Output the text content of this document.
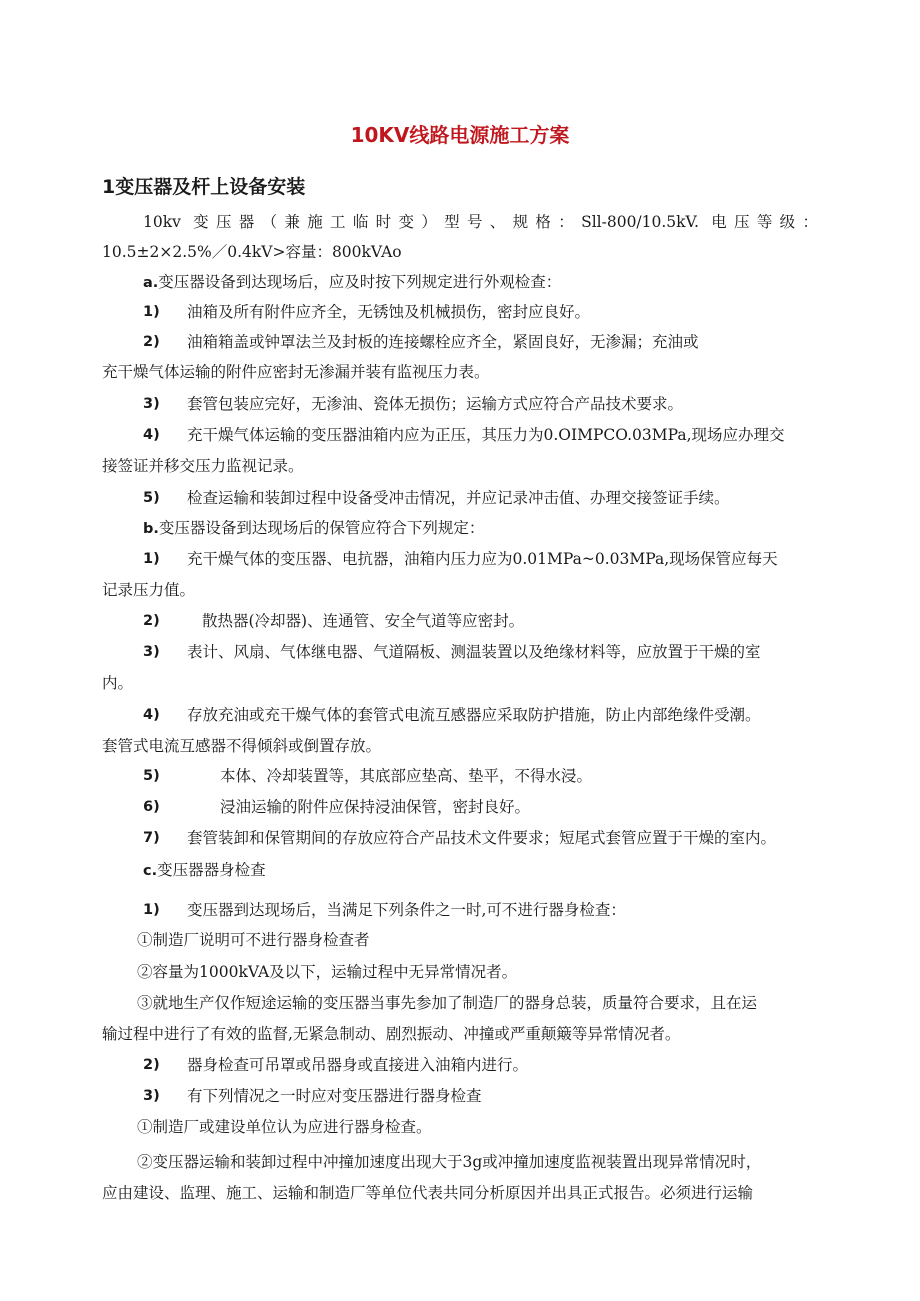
10KV线路电源施工方案
1变压器及杆上设备安装
10kv 变压器（兼施工临时变）型号、规格：Sll-800/10.5kV. 电压等级：
10.5±2×2.5%／0.4kV>容量：800kVAo
a.变压器设备到达现场后，应及时按下列规定进行外观检查：
1) 油箱及所有附件应齐全，无锈蚀及机械损伤，密封应良好。
2) 油箱箱盖或钟罩法兰及封板的连接螺栓应齐全，紧固良好，无渗漏；充油或
充干燥气体运输的附件应密封无渗漏并装有监视压力表。
3) 套管包装应完好，无渗油、瓷体无损伤；运输方式应符合产品技术要求。
4) 充干燥气体运输的变压器油箱内应为正压，其压力为0.OIMPCO.03MPa,现场应办理交
接签证并移交压力监视记录。
5) 检查运输和装卸过程中设备受冲击情况，并应记录冲击值、办理交接签证手续。
b.变压器设备到达现场后的保管应符合下列规定：
1) 充干燥气体的变压器、电抗器，油箱内压力应为0.01MPa~0.03MPa,现场保管应每天
记录压力值。
2)	散热器(冷却器)、连通管、安全气道等应密封。
3) 表计、风扇、气体继电器、气道隔板、测温装置以及绝缘材料等，应放置于干燥的室
内。
4) 存放充油或充干燥气体的套管式电流互感器应采取防护措施，防止内部绝缘件受潮。
套管式电流互感器不得倾斜或倒置存放。
5)	本体、冷却装置等，其底部应垫高、垫平，不得水浸。
6)	浸油运输的附件应保持浸油保管，密封良好。
7) 套管装卸和保管期间的存放应符合产品技术文件要求；短尾式套管应置于干燥的室内。
c.变压器器身检查
1) 变压器到达现场后，当满足下列条件之一时,可不进行器身检查：
①制造厂说明可不进行器身检查者
②容量为1000kVA及以下，运输过程中无异常情况者。
③就地生产仅作短途运输的变压器当事先参加了制造厂的器身总装，质量符合要求，且在运
输过程中进行了有效的监督,无紧急制动、剧烈振动、冲撞或严重颠簸等异常情况者。
2) 器身检查可吊罩或吊器身或直接进入油箱内进行。
3) 有下列情况之一时应对变压器进行器身检查
①制造厂或建设单位认为应进行器身检查。
②变压器运输和装卸过程中冲撞加速度出现大于3g或冲撞加速度监视装置出现异常情况时，
应由建设、监理、施工、运输和制造厂等单位代表共同分析原因并出具正式报告。必须进行运输
